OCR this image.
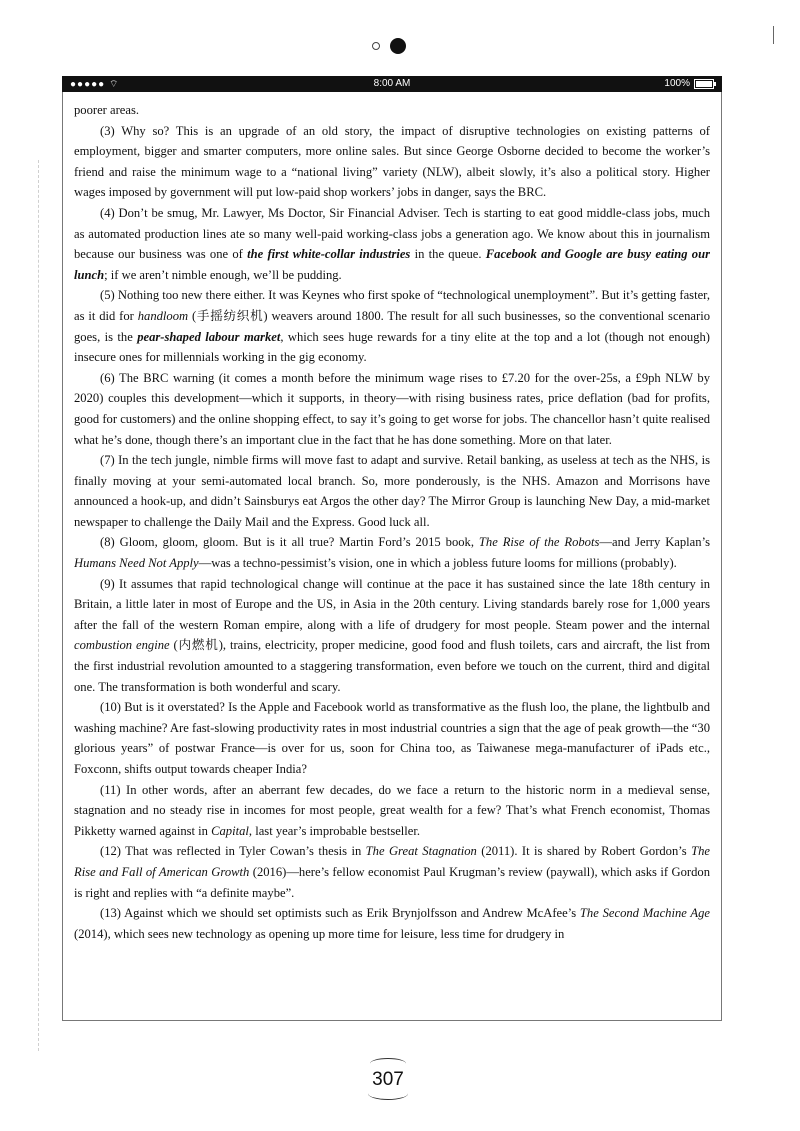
●●●●● ⌔	8:00 AM	100%

poorer areas.

(3) Why so? This is an upgrade of an old story, the impact of disruptive technologies on existing patterns of employment, bigger and smarter computers, more online sales. But since George Osborne decided to become the worker’s friend and raise the minimum wage to a “national living” variety (NLW), albeit slowly, it’s also a political story. Higher wages imposed by government will put low-paid shop workers’ jobs in danger, says the BRC.

(4) Don’t be smug, Mr. Lawyer, Ms Doctor, Sir Financial Adviser. Tech is starting to eat good middle-class jobs, much as automated production lines ate so many well-paid working-class jobs a generation ago. We know about this in journalism because our business was one of the first white-collar industries in the queue. Facebook and Google are busy eating our lunch; if we aren’t nimble enough, we’ll be pudding.

(5) Nothing too new there either. It was Keynes who first spoke of “technological unemployment”. But it’s getting faster, as it did for handloom (手摇纺织机) weavers around 1800. The result for all such businesses, so the conventional scenario goes, is the pear-shaped labour market, which sees huge rewards for a tiny elite at the top and a lot (though not enough) insecure ones for millennials working in the gig economy.

(6) The BRC warning (it comes a month before the minimum wage rises to £7.20 for the over-25s, a £9ph NLW by 2020) couples this development—which it supports, in theory—with rising business rates, price deflation (bad for profits, good for customers) and the online shopping effect, to say it’s going to get worse for jobs. The chancellor hasn’t quite realised what he’s done, though there’s an important clue in the fact that he has done something. More on that later.

(7) In the tech jungle, nimble firms will move fast to adapt and survive. Retail banking, as useless at tech as the NHS, is finally moving at your semi-automated local branch. So, more ponderously, is the NHS. Amazon and Morrisons have announced a hook-up, and didn’t Sainsburys eat Argos the other day? The Mirror Group is launching New Day, a mid-market newspaper to challenge the Daily Mail and the Express. Good luck all.

(8) Gloom, gloom, gloom. But is it all true? Martin Ford’s 2015 book, The Rise of the Robots—and Jerry Kaplan’s Humans Need Not Apply—was a techno-pessimist’s vision, one in which a jobless future looms for millions (probably).

(9) It assumes that rapid technological change will continue at the pace it has sustained since the late 18th century in Britain, a little later in most of Europe and the US, in Asia in the 20th century. Living standards barely rose for 1,000 years after the fall of the western Roman empire, along with a life of drudgery for most people. Steam power and the internal combustion engine (内燃机), trains, electricity, proper medicine, good food and flush toilets, cars and aircraft, the list from the first industrial revolution amounted to a staggering transformation, even before we touch on the current, third and digital one. The transformation is both wonderful and scary.

(10) But is it overstated? Is the Apple and Facebook world as transformative as the flush loo, the plane, the lightbulb and washing machine? Are fast-slowing productivity rates in most industrial countries a sign that the age of peak growth—the “30 glorious years” of postwar France—is over for us, soon for China too, as Taiwanese mega-manufacturer of iPads etc., Foxconn, shifts output towards cheaper India?

(11) In other words, after an aberrant few decades, do we face a return to the historic norm in a medieval sense, stagnation and no steady rise in incomes for most people, great wealth for a few? That’s what French economist, Thomas Pikketty warned against in Capital, last year’s improbable bestseller.

(12) That was reflected in Tyler Cowan’s thesis in The Great Stagnation (2011). It is shared by Robert Gordon’s The Rise and Fall of American Growth (2016)—here’s fellow economist Paul Krugman’s review (paywall), which asks if Gordon is right and replies with “a definite maybe”.

(13) Against which we should set optimists such as Erik Brynjolfsson and Andrew McAfee’s The Second Machine Age (2014), which sees new technology as opening up more time for leisure, less time for drudgery in

307
